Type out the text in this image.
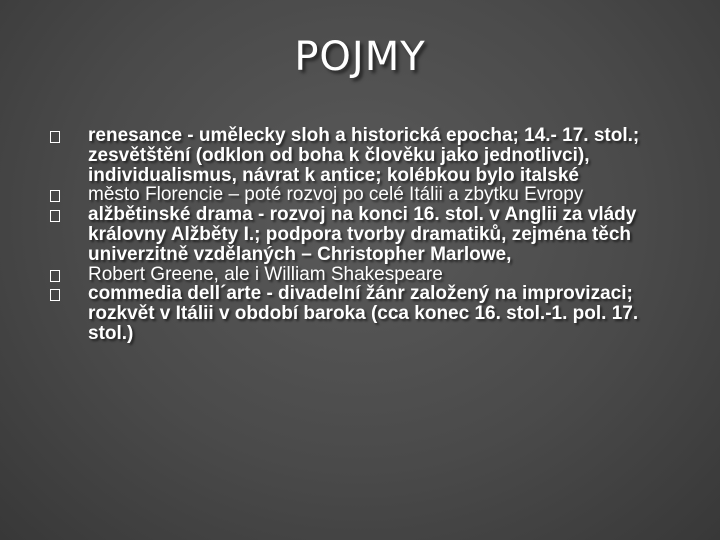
POJMY
renesance - umělecky sloh a historická epocha; 14.- 17. stol.; zesvětštění (odklon od boha k člověku jako jednotlivci), individualismus, návrat k antice; kolébkou bylo italské
město Florencie – poté rozvoj po celé Itálii a zbytku Evropy
alžbětinské drama - rozvoj na konci 16. stol. v Anglii za vlády královny Alžběty I.; podpora tvorby dramatiků, zejména těch univerzitně vzdělaných – Christopher Marlowe,
Robert Greene, ale i William Shakespeare
commedia dell´arte - divadelní žánr založený na improvizaci; rozkvět v Itálii v období baroka (cca konec 16. stol.-1. pol. 17. stol.)
